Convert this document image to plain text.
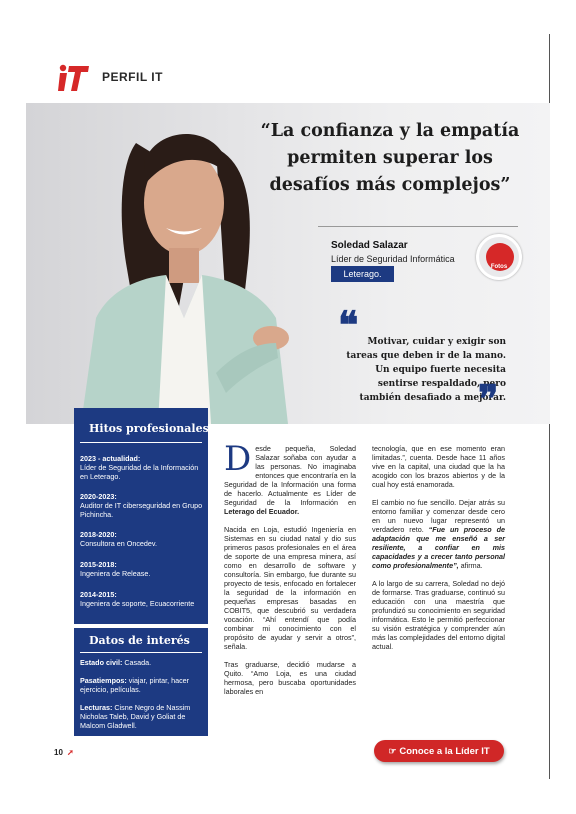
PERFIL IT
“La confianza y la empatía permiten superar los desafíos más complejos”
Soledad Salazar
Líder de Seguridad Informática
Leterago.
Fotos
❝	Motivar, cuidar y exigir son tareas que deben ir de la mano. Un equipo fuerte necesita sentirse respaldado, pero también desafiado a mejorar.
❞
Hitos profesionales
2023 - actualidad:
Líder de Seguridad de la Información en Leterago.
2020-2023:
Auditor de IT ciberseguridad en Grupo Pichincha.
2018-2020:
Consultora en Oncedev.
2015-2018:
Ingeniera de Release.
2014-2015:
Ingeniera de soporte, Ecuacorriente
Datos de interés
Estado civil: Casada.
Pasatiempos: viajar, pintar, hacer ejercicio, películas.
Lecturas: Cisne Negro de Nassim Nicholas Taleb, David y Goliat de Malcom Gladwell.

Desde pequeña, Soledad Salazar soñaba con ayudar a las personas. No imaginaba entonces que encontraría en la Seguridad de la Información una forma de hacerlo. Actualmente es Líder de Seguridad de la Información en Leterago del Ecuador.

Nacida en Loja, estudió Ingeniería en Sistemas en su ciudad natal y dio sus primeros pasos profesionales en el área de soporte de una empresa minera, así como en desarrollo de software y consultoría. Sin embargo, fue durante su proyecto de tesis, enfocado en fortalecer la seguridad de la información en pequeñas empresas basadas en COBIT5, que descubrió su verdadera vocación. “Ahí entendí que podía combinar mi conocimiento con el propósito de ayudar y servir a otros”, señala.

Tras graduarse, decidió mudarse a Quito. “Amo Loja, es una ciudad hermosa, pero buscaba oportunidades laborales en

tecnología, que en ese momento eran limitadas.”, cuenta. Desde hace 11 años vive en la capital, una ciudad que la ha acogido con los brazos abiertos y de la cual hoy está enamorada.

El cambio no fue sencillo. Dejar atrás su entorno familiar y comenzar desde cero en un nuevo lugar representó un verdadero reto. “Fue un proceso de adaptación que me enseñó a ser resiliente, a confiar en mis capacidades y a crecer tanto personal como profesionalmente”, afirma.

A lo largo de su carrera, Soledad no dejó de formarse. Tras graduarse, continuó su educación con una maestría que profundizó su conocimiento en seguridad informática. Esto le permitió perfeccionar su visión estratégica y comprender aún más las complejidades del entorno digital actual.

10 ➚	☞ Conoce a la Líder IT
